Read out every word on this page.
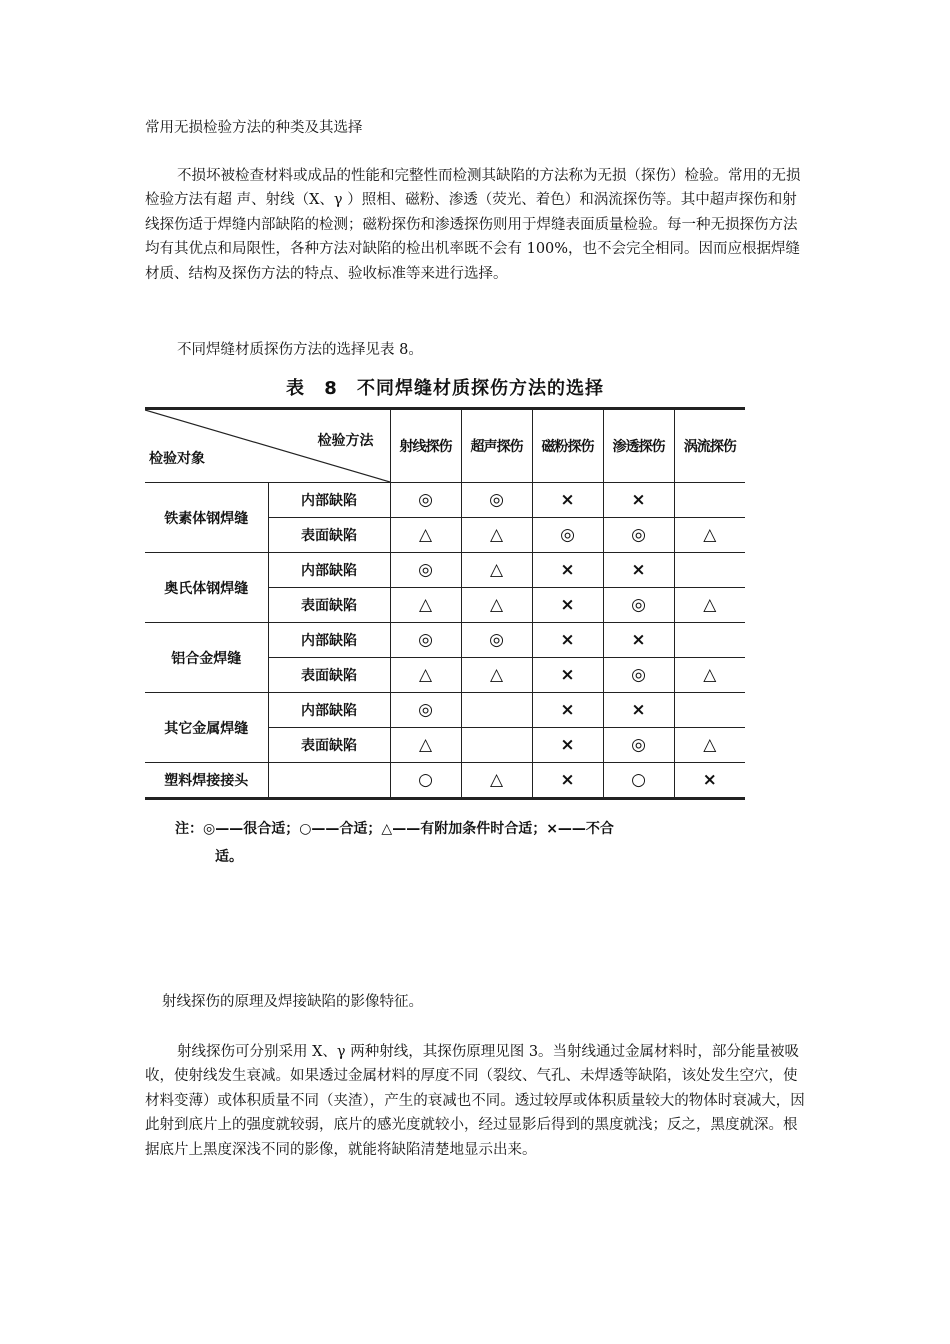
常用无损检验方法的种类及其选择

不损坏被检查材料或成品的性能和完整性而检测其缺陷的方法称为无损（探伤）检验。常用的无损检验方法有超 声、射线（X、γ ）照相、磁粉、渗透（荧光、着色）和涡流探伤等。其中超声探伤和射线探伤适于焊缝内部缺陷的检测；磁粉探伤和渗透探伤则用于焊缝表面质量检验。每一种无损探伤方法均有其优点和局限性，各种方法对缺陷的检出机率既不会有 100%，也不会完全相同。因而应根据焊缝材质、结构及探伤方法的特点、验收标准等来进行选择。

不同焊缝材质探伤方法的选择见表 8。

表 8 不同焊缝材质探伤方法的选择
检验方法
检验对象		射线探伤	超声探伤	磁粉探伤	渗透探伤	涡流探伤
铁素体钢焊缝	内部缺陷	◎	◎	×	×	
	表面缺陷	△	△	◎	◎	△
奥氏体钢焊缝	内部缺陷	◎	△	×	×	
	表面缺陷	△	△	×	◎	△
铝合金焊缝	内部缺陷	◎	◎	×	×	
	表面缺陷	△	△	×	◎	△
其它金属焊缝	内部缺陷	◎		×	×	
	表面缺陷	△		×	◎	△
塑料焊接接头		○	△	×	○	×
注：◎——很合适；○——合适；△——有附加条件时合适；×——不合
适。

射线探伤的原理及焊接缺陷的影像特征。

射线探伤可分别采用 X、γ 两种射线，其探伤原理见图 3。当射线通过金属材料时，部分能量被吸收，使射线发生衰减。如果透过金属材料的厚度不同（裂纹、气孔、未焊透等缺陷，该处发生空穴，使材料变薄）或体积质量不同（夹渣），产生的衰减也不同。透过较厚或体积质量较大的物体时衰减大，因此射到底片上的强度就较弱，底片的感光度就较小，经过显影后得到的黑度就浅；反之，黑度就深。根据底片上黑度深浅不同的影像，就能将缺陷清楚地显示出来。
